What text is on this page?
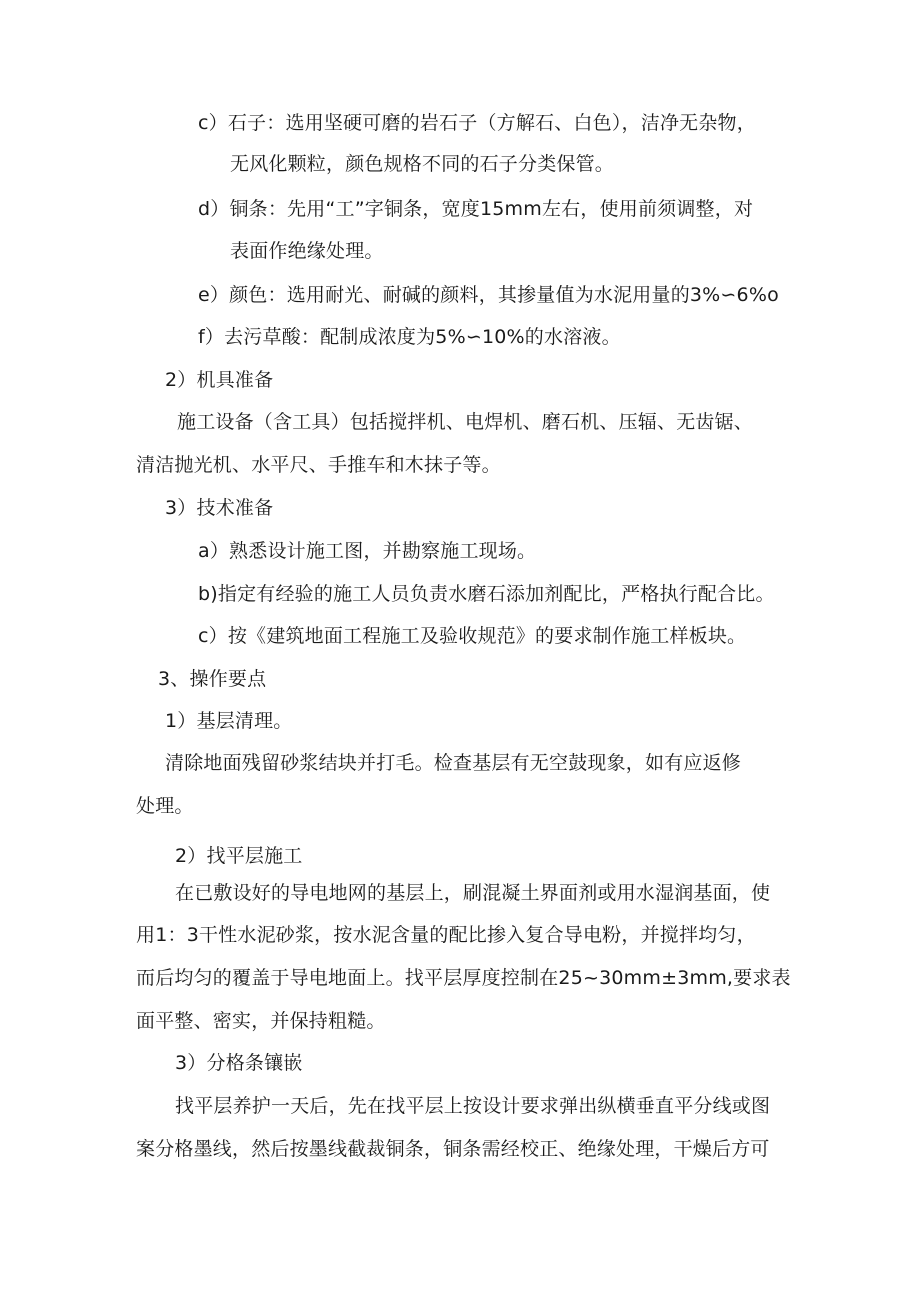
c）石子：选用坚硬可磨的岩石子（方解石、白色），洁净无杂物，
无风化颗粒，颜色规格不同的石子分类保管。
d）铜条：先用“工”字铜条，宽度15mm左右，使用前须调整，对
表面作绝缘处理。
e）颜色：选用耐光、耐碱的颜料，其掺量值为水泥用量的3%∽6%o
f）去污草酸：配制成浓度为5%∽10%的水溶液。
2）机具准备
施工设备（含工具）包括搅拌机、电焊机、磨石机、压辐、无齿锯、
清洁抛光机、水平尺、手推车和木抹子等。
3）技术准备
a）熟悉设计施工图，并勘察施工现场。
b)指定有经验的施工人员负责水磨石添加剂配比，严格执行配合比。
c）按《建筑地面工程施工及验收规范》的要求制作施工样板块。
3、操作要点
1）基层清理。
清除地面残留砂浆结块并打毛。检查基层有无空鼓现象，如有应返修
处理。
2）找平层施工
在已敷设好的导电地网的基层上，刷混凝土界面剂或用水湿润基面，使
用1：3干性水泥砂浆，按水泥含量的配比掺入复合导电粉，并搅拌均匀，
而后均匀的覆盖于导电地面上。找平层厚度控制在25~30mm±3mm,要求表
面平整、密实，并保持粗糙。
3）分格条镶嵌
找平层养护一天后，先在找平层上按设计要求弹出纵横垂直平分线或图
案分格墨线，然后按墨线截裁铜条，铜条需经校正、绝缘处理，干燥后方可
